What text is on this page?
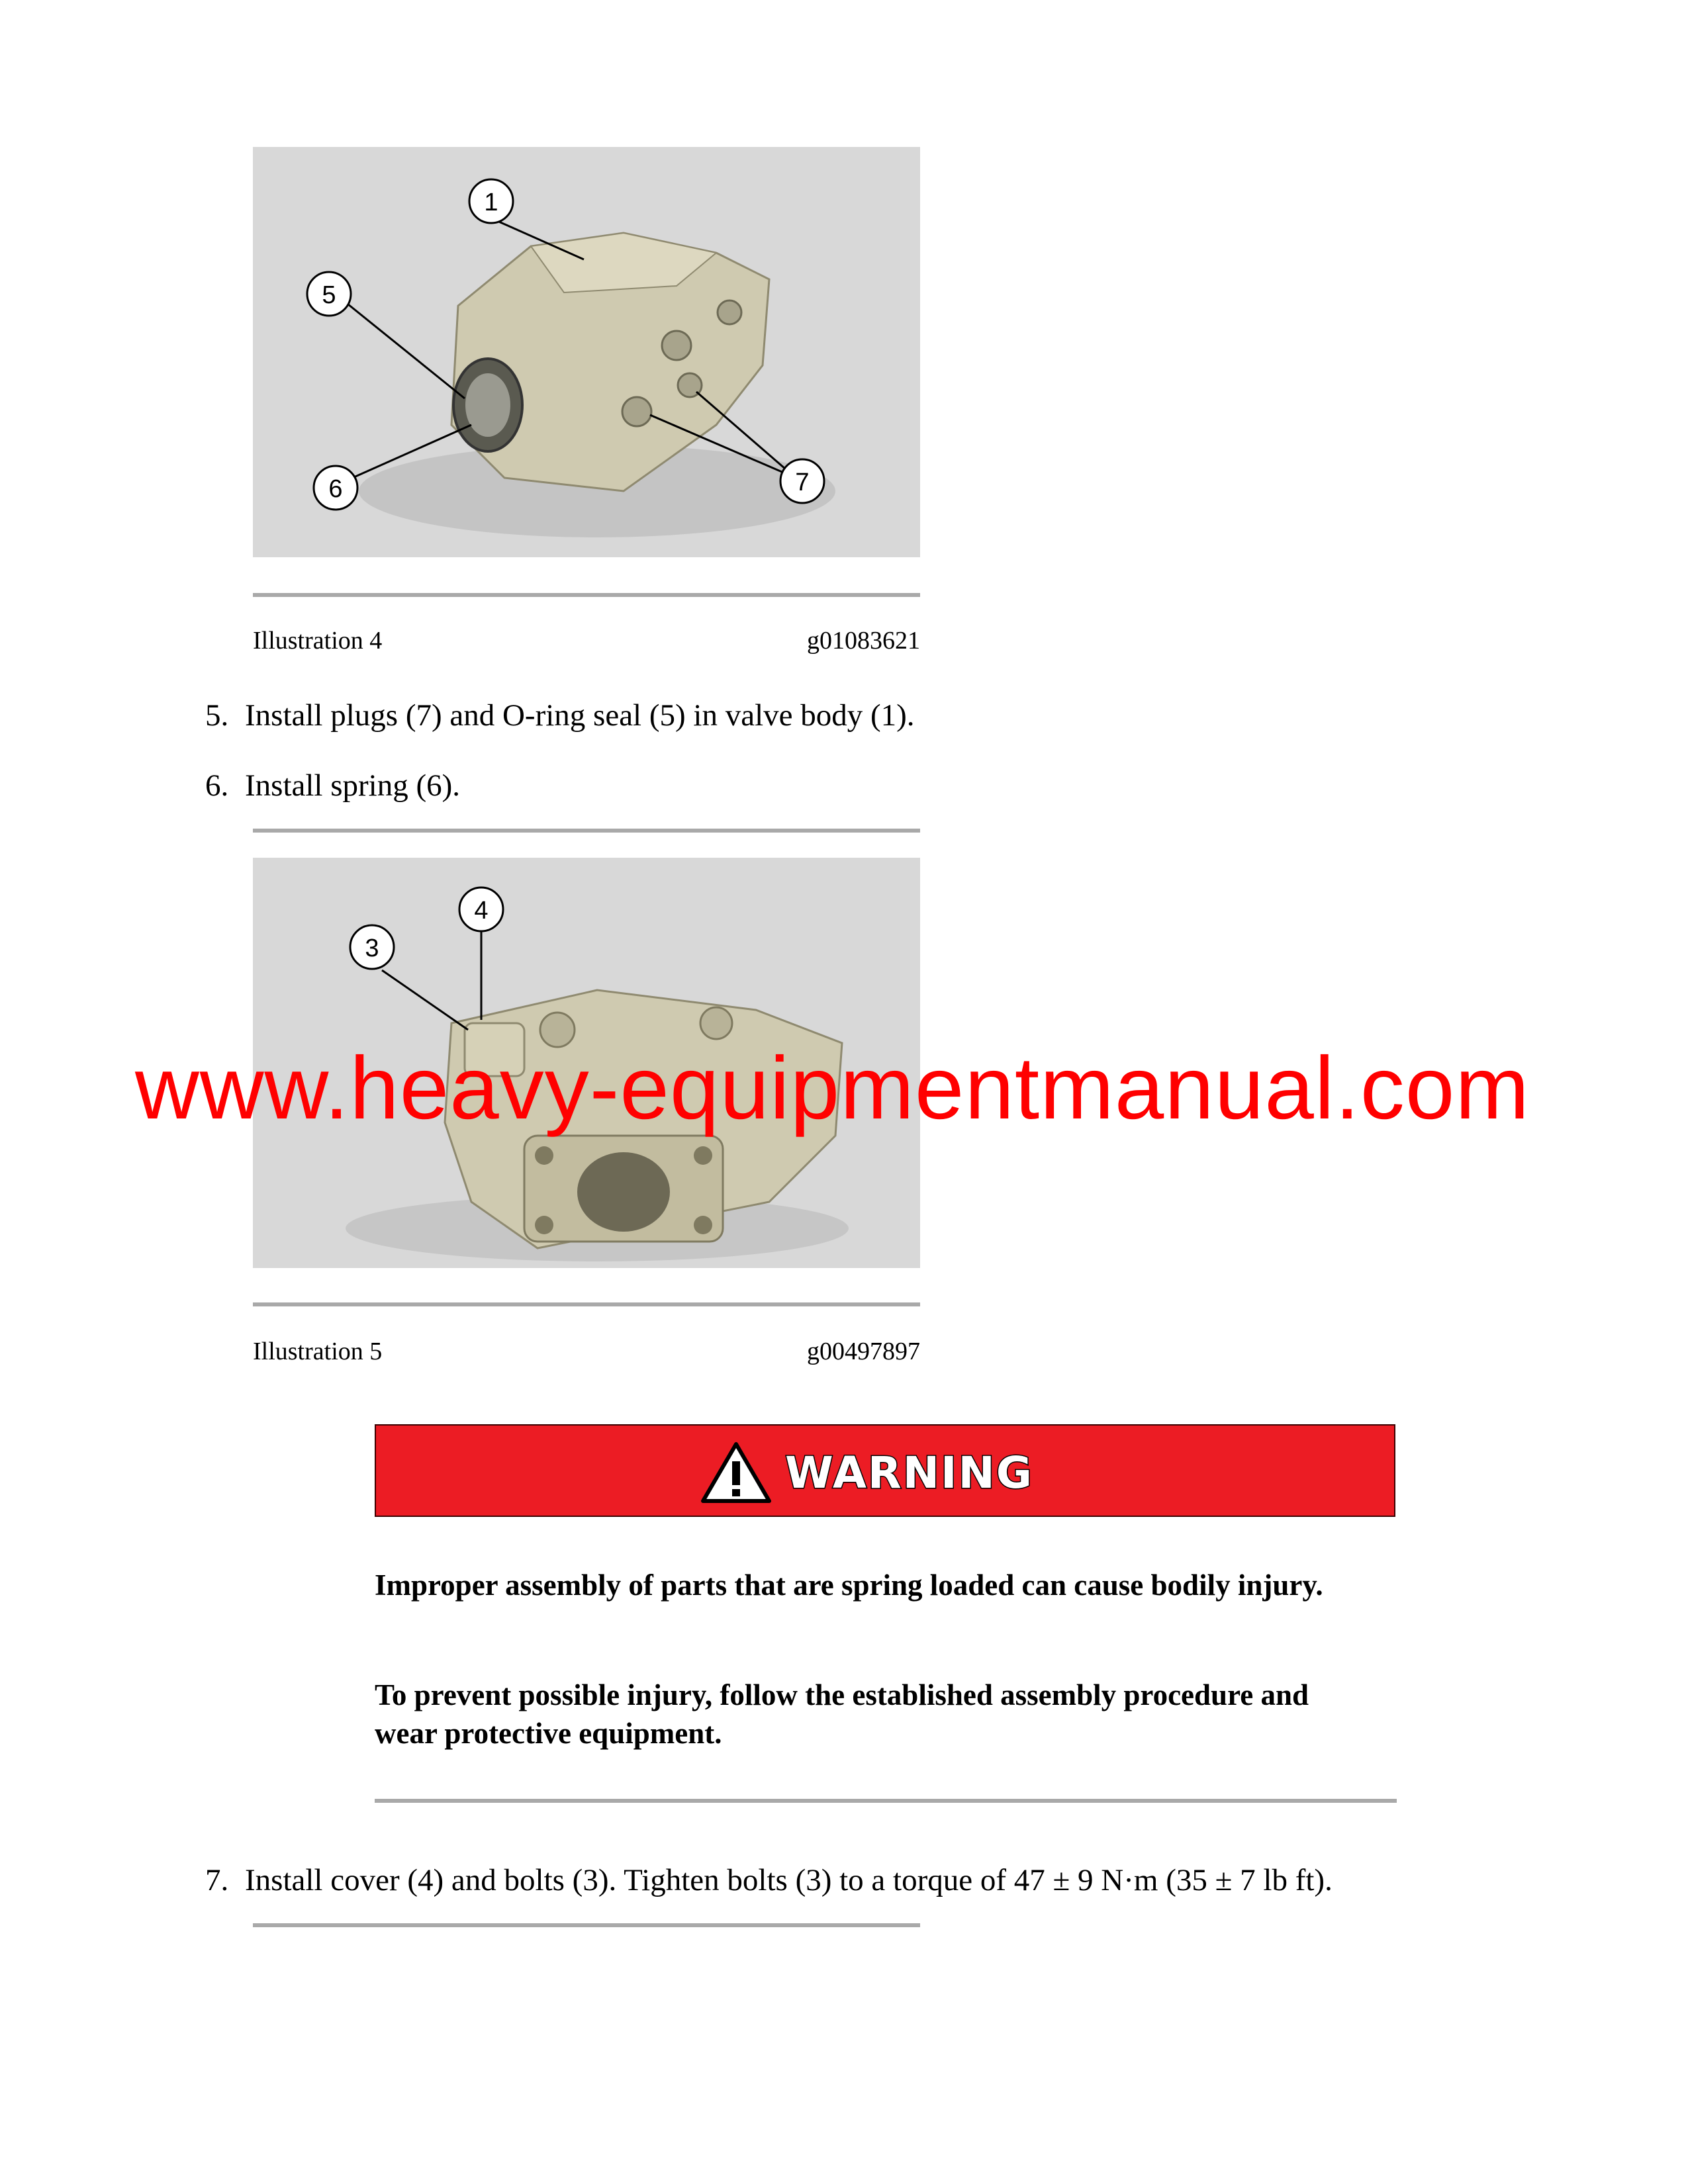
1
5
6	7
Illustration 4	g01083621
5. Install plugs (7) and O-ring seal (5) in valve body (1).
6. Install spring (6).
3
4
Illustration 5	g00497897
WARNING
Improper assembly of parts that are spring loaded can cause bodily injury.
To prevent possible injury, follow the established assembly procedure and wear protective equipment.
7. Install cover (4) and bolts (3). Tighten bolts (3) to a torque of 47 ± 9 N·m (35 ± 7 lb ft).
www.heavy-equipmentmanual.com
